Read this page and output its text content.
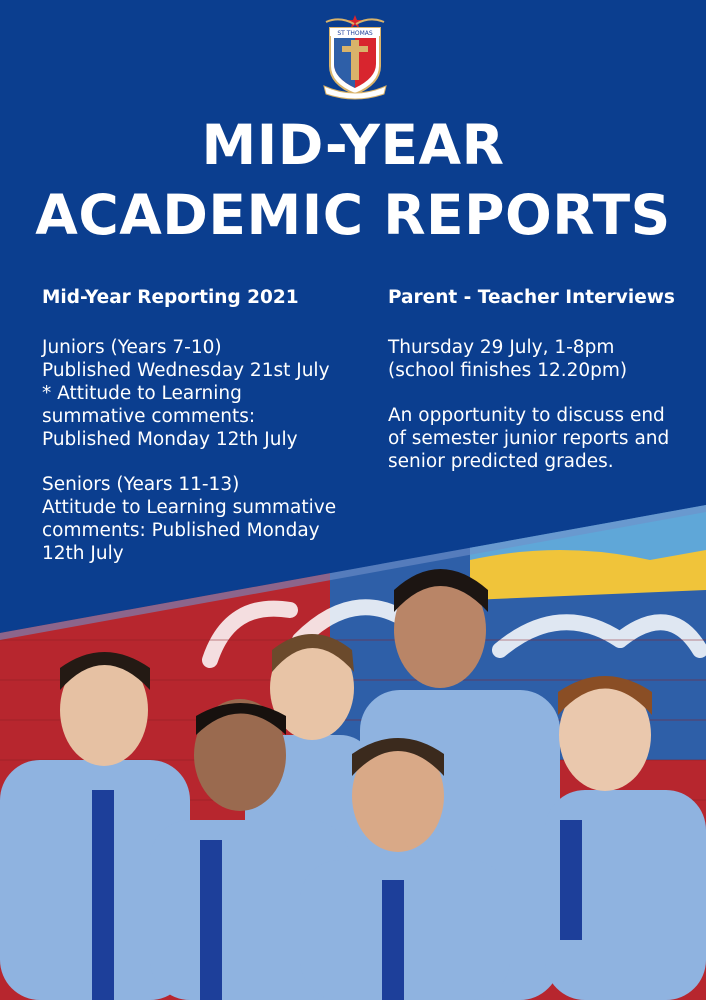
ST THOMAS
MID-YEAR
ACADEMIC REPORTS
Mid-Year Reporting 2021

Juniors (Years 7-10)
Published Wednesday 21st July
* Attitude to Learning
summative comments:
Published Monday 12th July

Seniors (Years 11-13)
Attitude to Learning summative
comments: Published Monday
12th July

Parent - Teacher Interviews

Thursday 29 July, 1-8pm
(school finishes 12.20pm)

An opportunity to discuss end
of semester junior reports and
senior predicted grades.
